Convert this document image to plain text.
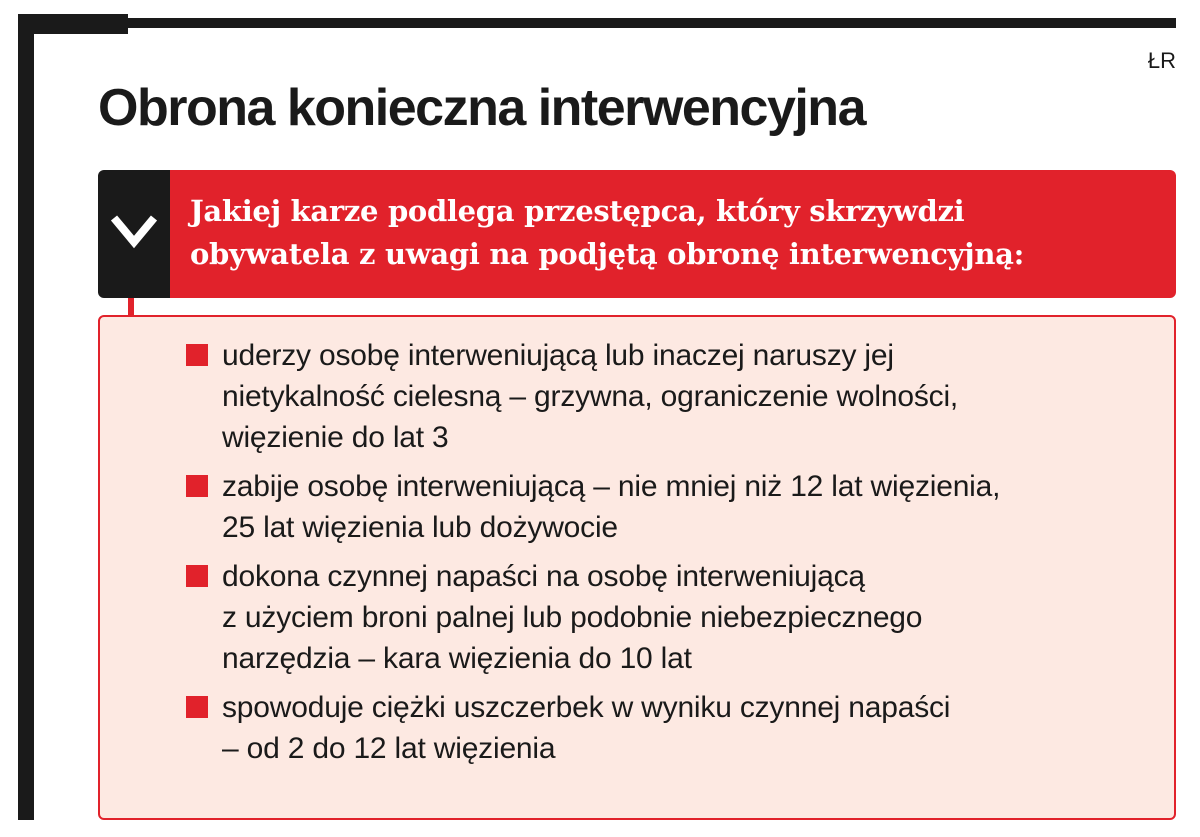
ŁR
Obrona konieczna interwencyjna
Jakiej karze podlega przestępca, który skrzywdzi
obywatela z uwagi na podjętą obronę interwencyjną:
uderzy osobę interweniującą lub inaczej naruszy jej
nietykalność cielesną – grzywna, ograniczenie wolności,
więzienie do lat 3
zabije osobę interweniującą – nie mniej niż 12 lat więzienia,
25 lat więzienia lub dożywocie
dokona czynnej napaści na osobę interweniującą
z użyciem broni palnej lub podobnie niebezpiecznego
narzędzia – kara więzienia do 10 lat
spowoduje ciężki uszczerbek w wyniku czynnej napaści
– od 2 do 12 lat więzienia
